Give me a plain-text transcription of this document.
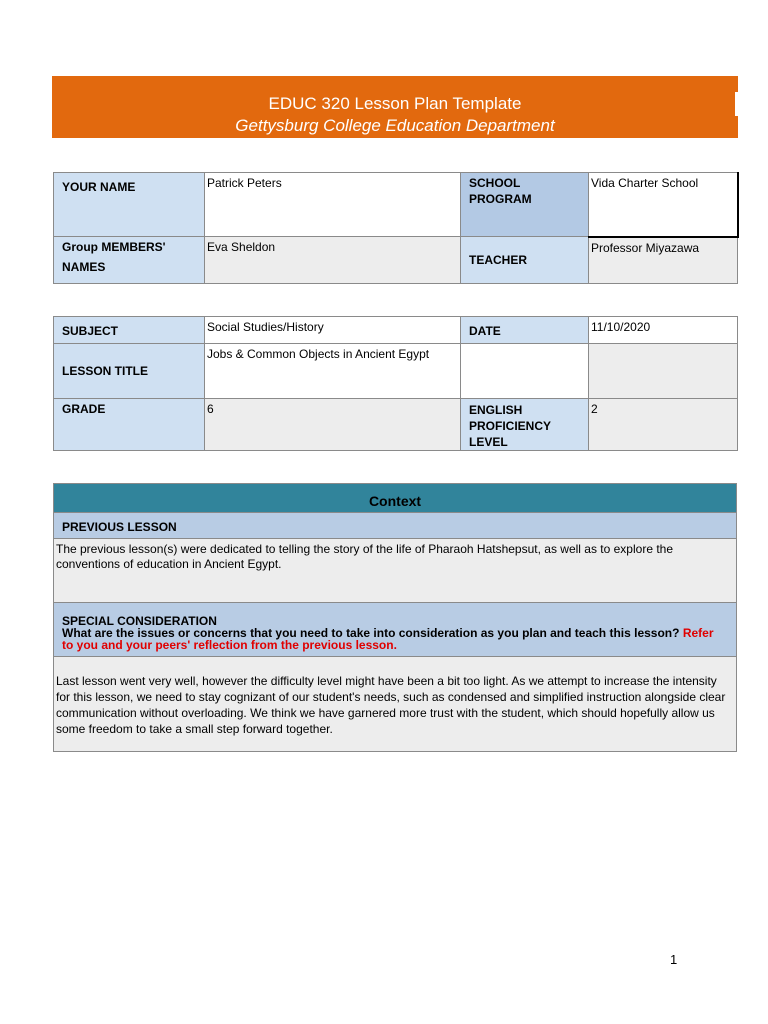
EDUC 320 Lesson Plan Template
Gettysburg College Education Department
YOUR NAME	Patrick Peters	SCHOOL PROGRAM	Vida Charter School
Group MEMBERS' NAMES	Eva Sheldon	TEACHER	Professor Miyazawa
SUBJECT	Social Studies/History	DATE	11/10/2020
LESSON TITLE	Jobs & Common Objects in Ancient Egypt		
GRADE	6	ENGLISH PROFICIENCY LEVEL	2
Context
PREVIOUS LESSON
The previous lesson(s) were dedicated to telling the story of the life of Pharaoh Hatshepsut, as well as to explore the conventions of education in Ancient Egypt.
SPECIAL CONSIDERATION
What are the issues or concerns that you need to take into consideration as you plan and teach this lesson? Refer to you and your peers' reflection from the previous lesson.
Last lesson went very well, however the difficulty level might have been a bit too light. As we attempt to increase the intensity for this lesson, we need to stay cognizant of our student's needs, such as condensed and simplified instruction alongside clear communication without overloading. We think we have garnered more trust with the student, which should hopefully allow us some freedom to take a small step forward together.
1
